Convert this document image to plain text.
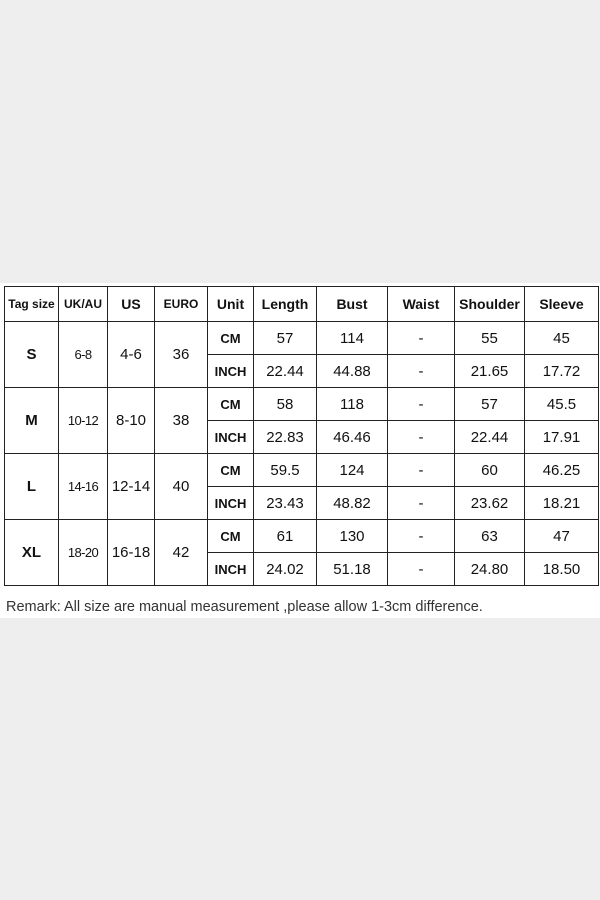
Tag size	UK/AU	US	EURO	Unit	Length	Bust	Waist	Shoulder	Sleeve
S	6-8	4-6	36	CM	57	114	-	55	45
				INCH	22.44	44.88	-	21.65	17.72
M	10-12	8-10	38	CM	58	118	-	57	45.5
				INCH	22.83	46.46	-	22.44	17.91
L	14-16	12-14	40	CM	59.5	124	-	60	46.25
				INCH	23.43	48.82	-	23.62	18.21
XL	18-20	16-18	42	CM	61	130	-	63	47
				INCH	24.02	51.18	-	24.80	18.50
Remark: All size are manual measurement ,please allow 1-3cm difference.
